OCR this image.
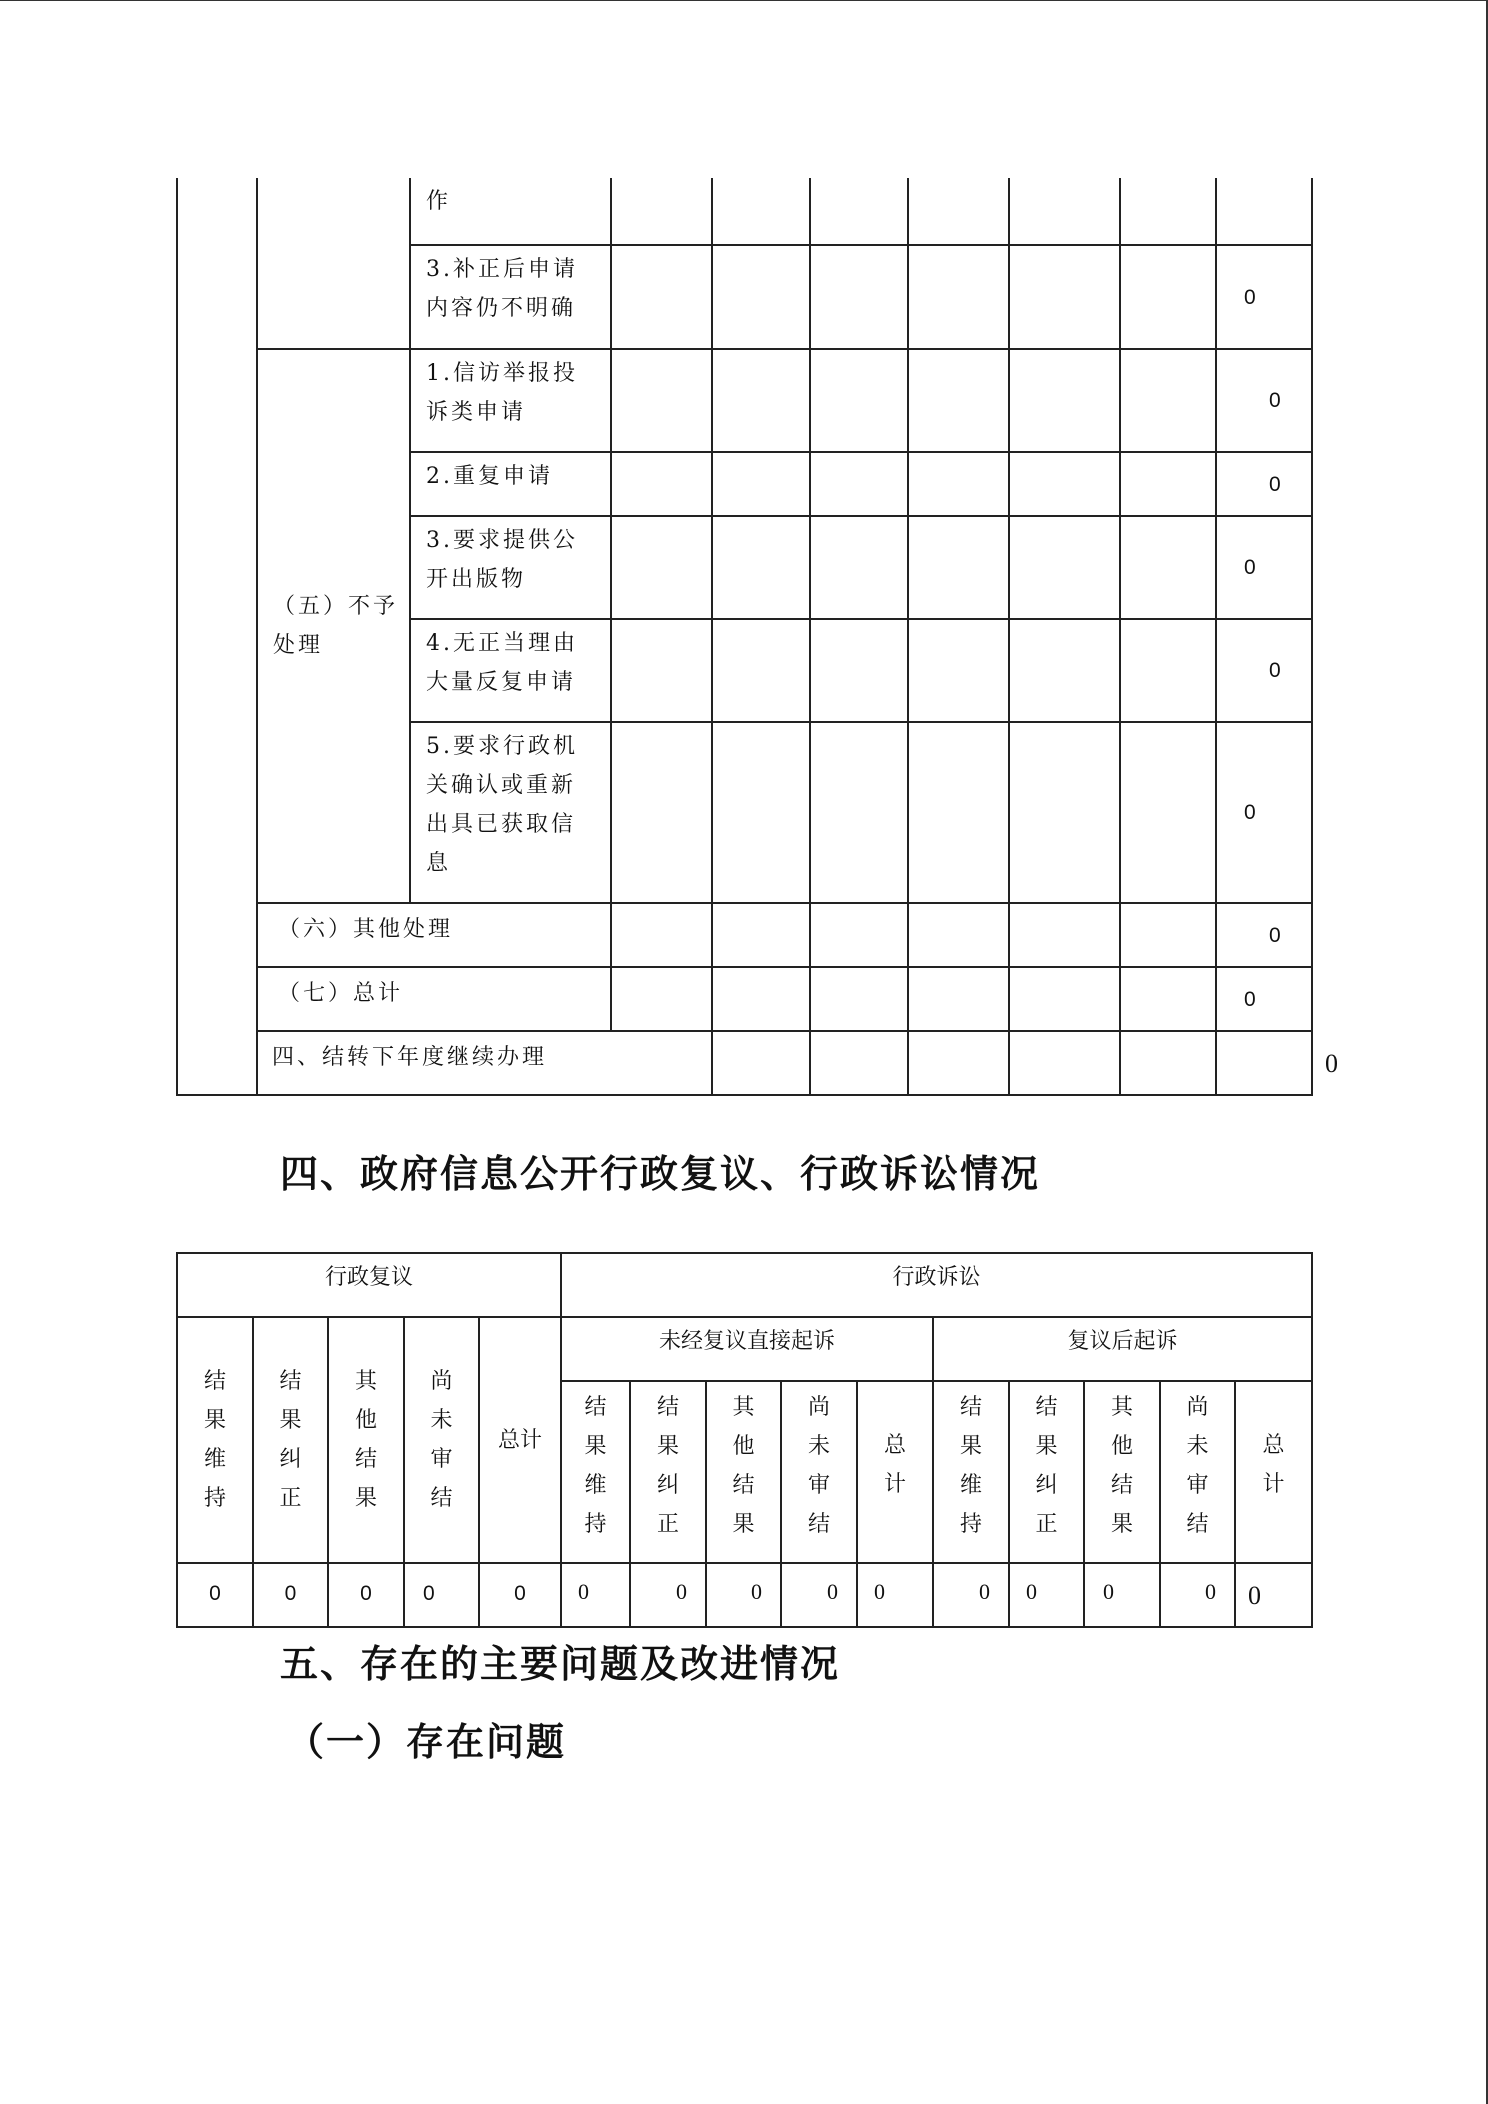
		作								
		3.补正后申请内容仍不明确							0	
	（五）不予处理	1.信访举报投诉类申请							0	
		2.重复申请							0	
		3.要求提供公开出版物							0	
		4.无正当理由大量反复申请							0	
		5.要求行政机关确认或重新出具已获取信息							0	
	（六）其他处理								0	
	（七）总计								0	
	四、结转下年度继续办理									0
四、政府信息公开行政复议、行政诉讼情况
行政复议					行政诉讼									
结果维持	结果纠正	其他结果	尚未审结	总计	未经复议直接起诉					复议后起诉				
					结果维持	结果纠正	其他结果	尚未审结	总计	结果维持	结果纠正	其他结果	尚未审结	总计
0	0	0	0	0	0	0	0	0	0	0	0	0	0	0
五、存在的主要问题及改进情况
（一）存在问题
